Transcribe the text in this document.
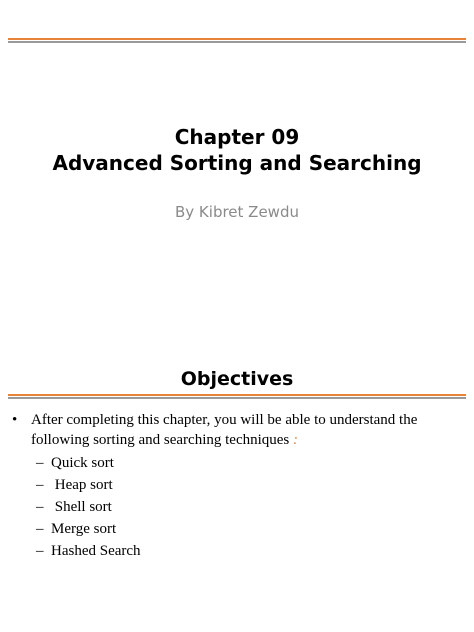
Chapter 09
Advanced Sorting and Searching
By Kibret Zewdu
Objectives
• After completing this chapter, you will be able to understand the following sorting and searching techniques :
– Quick sort
– Heap sort
– Shell sort
– Merge sort
– Hashed Search
